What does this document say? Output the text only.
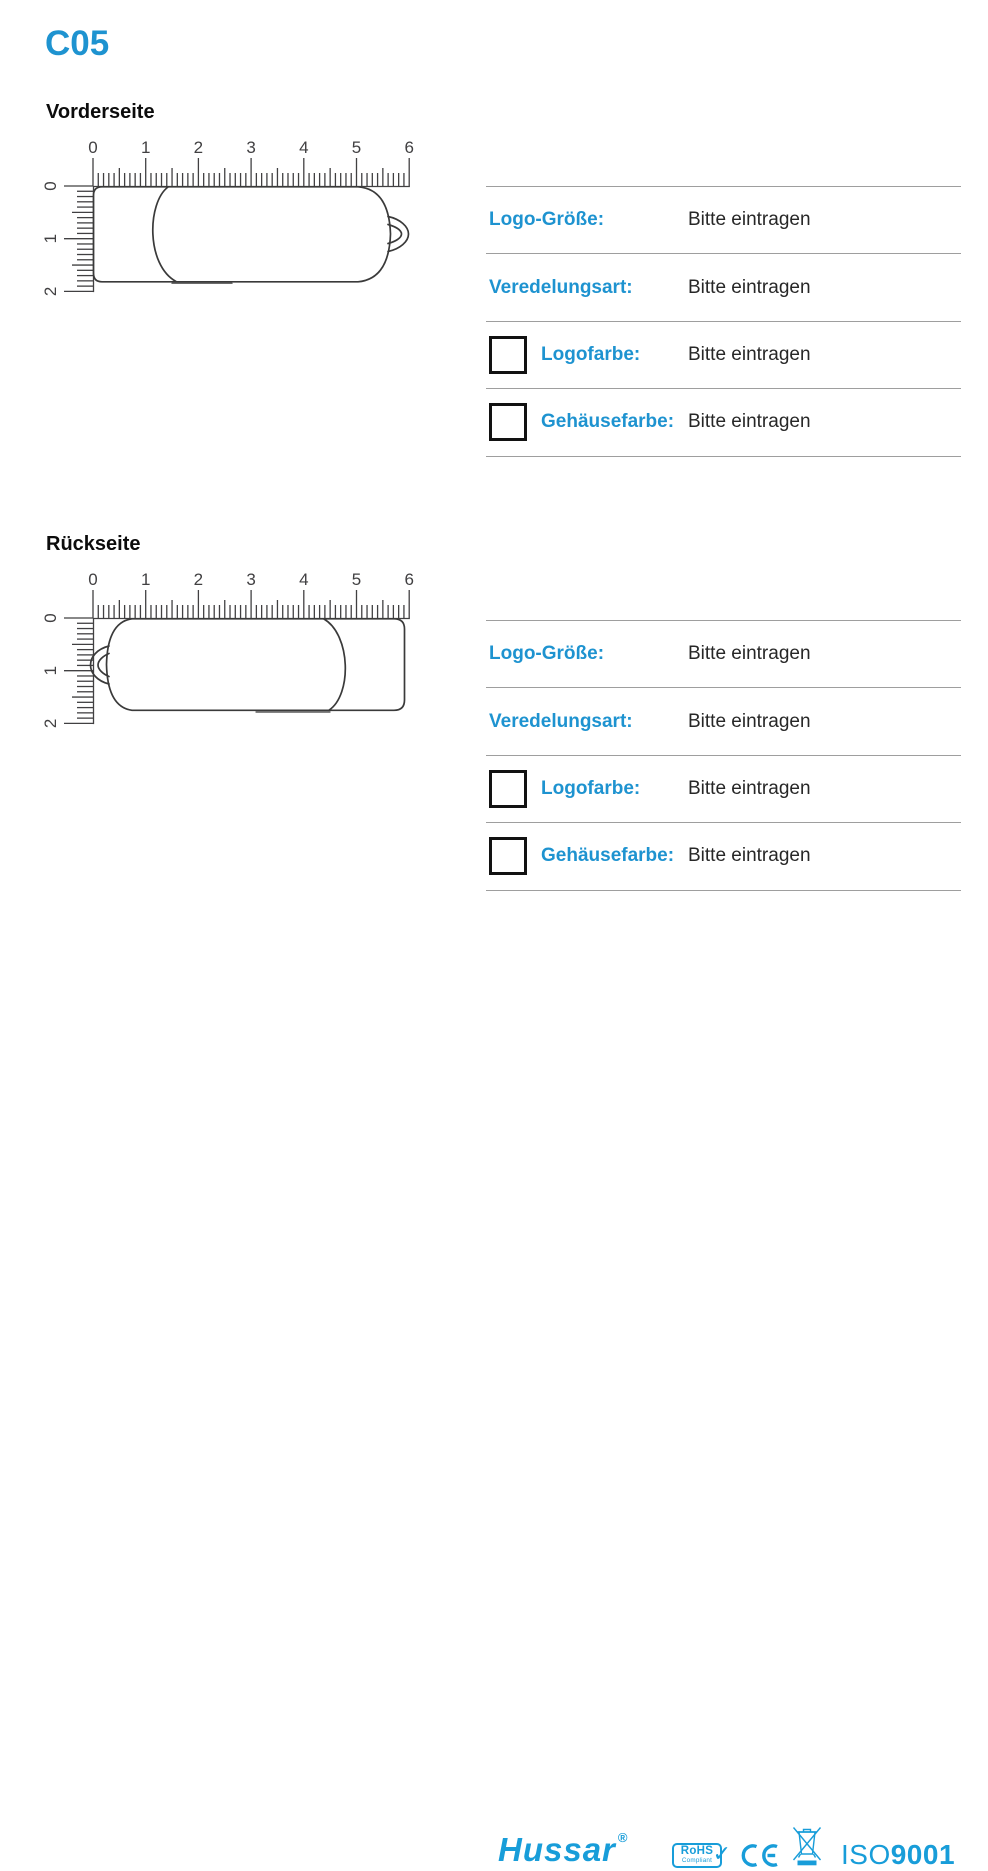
C05
Vorderseite
0	1	2	3	4	5	6
0
1
2
Logo-Größe:	Bitte eintragen
Veredelungsart:	Bitte eintragen
Logofarbe:	Bitte eintragen
Gehäusefarbe: Bitte eintragen
Rückseite
0	1	2	3	4	5	6
0
1
2
Logo-Größe:	Bitte eintragen
Veredelungsart:	Bitte eintragen
Logofarbe:	Bitte eintragen
Gehäusefarbe: Bitte eintragen
Hussar ®
RoHS
Compliant ✓	ISO9001
